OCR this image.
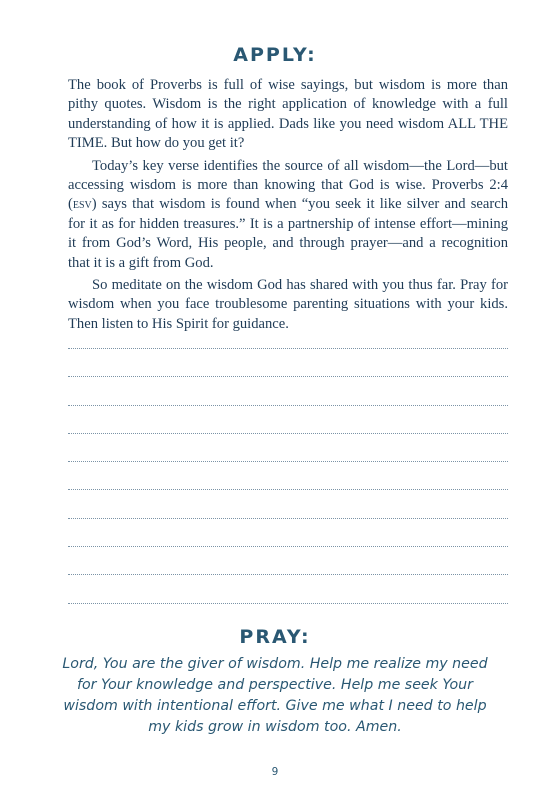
APPLY:

The book of Proverbs is full of wise sayings, but wisdom is more than pithy quotes. Wisdom is the right application of knowledge with a full understanding of how it is applied. Dads like you need wisdom ALL THE TIME. But how do you get it?

Today’s key verse identifies the source of all wisdom—the Lord—but accessing wisdom is more than knowing that God is wise. Proverbs 2:4 (esv) says that wisdom is found when “you seek it like silver and search for it as for hidden treasures.” It is a partnership of intense effort—mining it from God’s Word, His people, and through prayer—and a recognition that it is a gift from God.

So meditate on the wisdom God has shared with you thus far. Pray for wisdom when you face troublesome parenting situations with your kids. Then listen to His Spirit for guidance.

PRAY:

Lord, You are the giver of wisdom. Help me realize my need for Your knowledge and perspective. Help me seek Your wisdom with intentional effort. Give me what I need to help my kids grow in wisdom too. Amen.

9
